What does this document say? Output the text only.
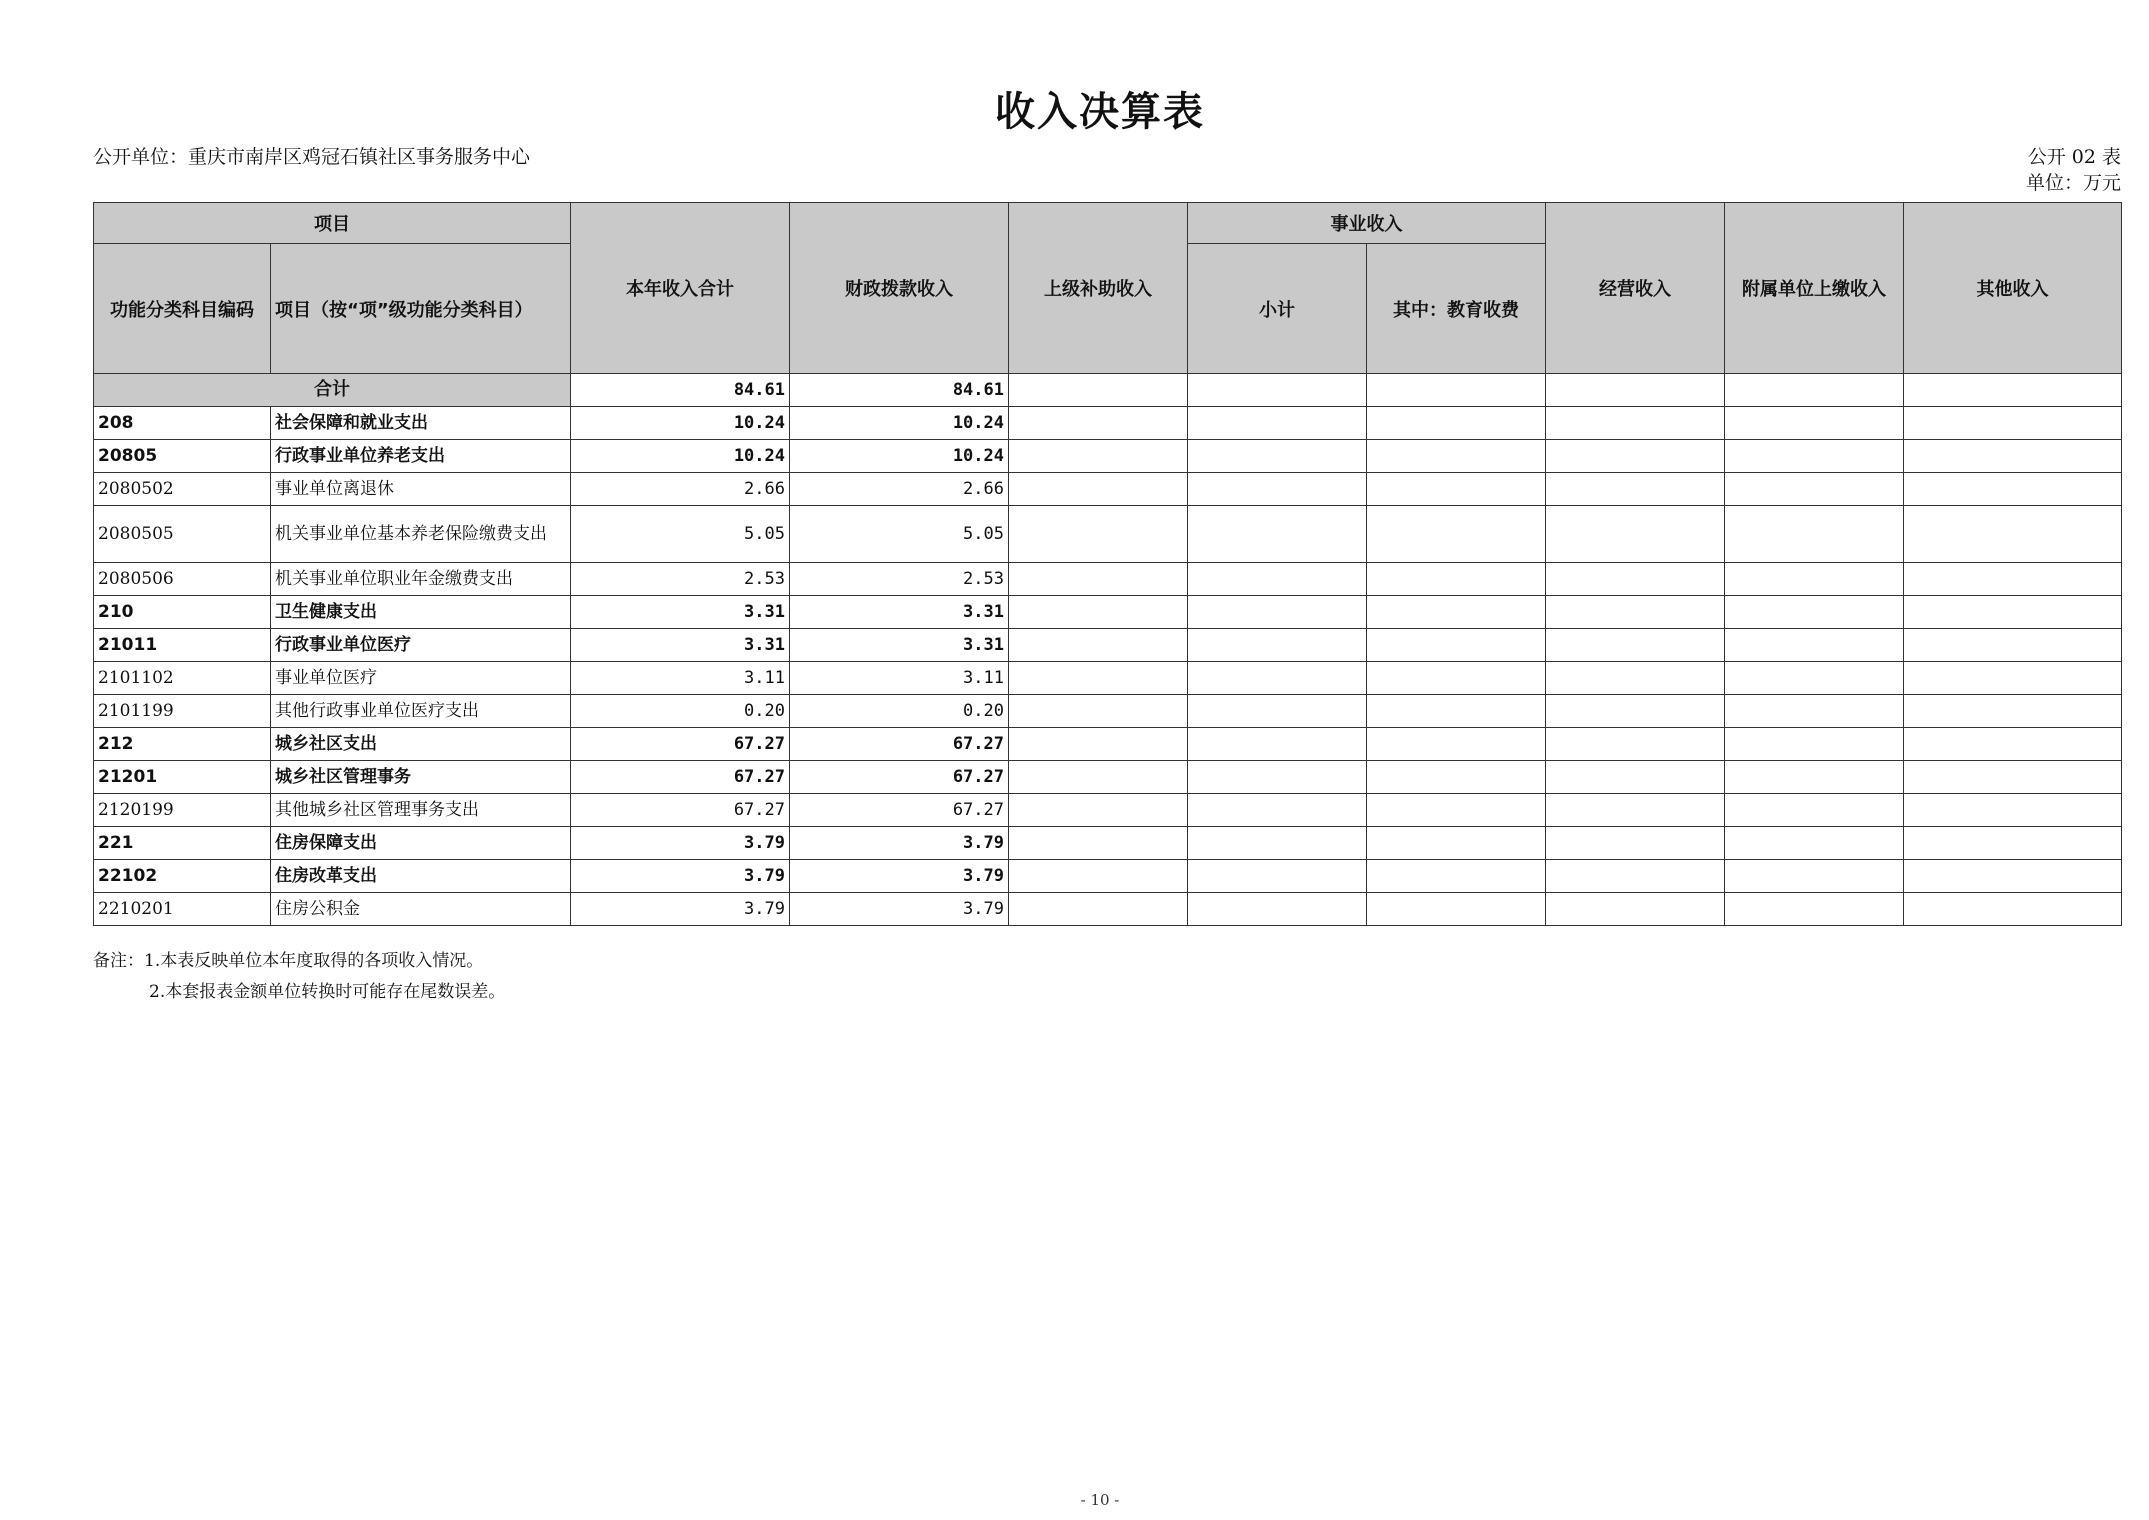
收入决算表
公开单位：重庆市南岸区鸡冠石镇社区事务服务中心	公开 02 表
单位：万元
项目		本年收入合计	财政拨款收入	上级补助收入	事业收入		经营收入	附属单位上缴收入	其他收入
功能分类科目编码	项目（按“项”级功能分类科目）				小计	其中：教育收费			
合计		84.61	84.61						
208	社会保障和就业支出	10.24	10.24						
20805	行政事业单位养老支出	10.24	10.24						
2080502	事业单位离退休	2.66	2.66						
2080505	机关事业单位基本养老保险缴费支出	5.05	5.05						
2080506	机关事业单位职业年金缴费支出	2.53	2.53						
210	卫生健康支出	3.31	3.31						
21011	行政事业单位医疗	3.31	3.31						
2101102	事业单位医疗	3.11	3.11						
2101199	其他行政事业单位医疗支出	0.20	0.20						
212	城乡社区支出	67.27	67.27						
21201	城乡社区管理事务	67.27	67.27						
2120199	其他城乡社区管理事务支出	67.27	67.27						
221	住房保障支出	3.79	3.79						
22102	住房改革支出	3.79	3.79						
2210201	住房公积金	3.79	3.79						
备注：1.本表反映单位本年度取得的各项收入情况。
2.本套报表金额单位转换时可能存在尾数误差。
- 10 -
